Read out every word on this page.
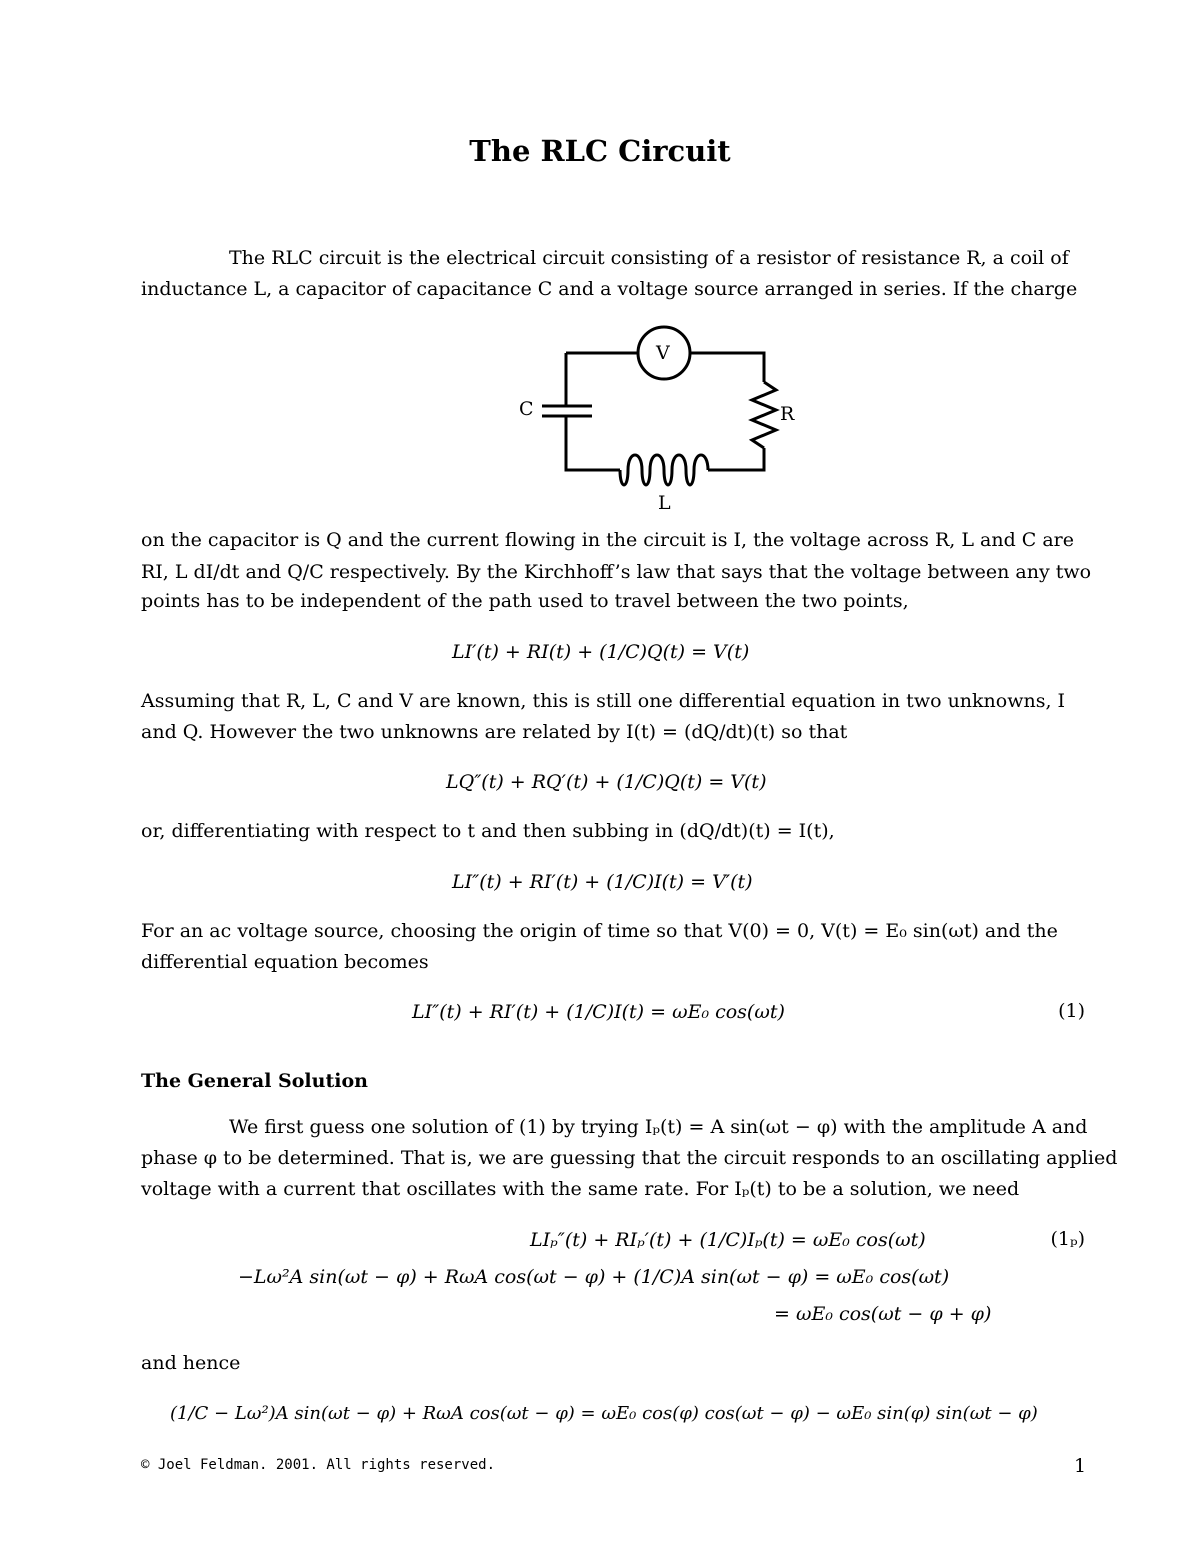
The RLC Circuit
The RLC circuit is the electrical circuit consisting of a resistor of resistance R, a coil of
inductance L, a capacitor of capacitance C and a voltage source arranged in series. If the charge
V
C	R
L
on the capacitor is Q and the current flowing in the circuit is I, the voltage across R, L and C are
RI, L dI/dt and Q/C respectively. By the Kirchhoff’s law that says that the voltage between any two
points has to be independent of the path used to travel between the two points,
LI′(t) + RI(t) + (1/C)Q(t) = V(t)
Assuming that R, L, C and V are known, this is still one differential equation in two unknowns, I
and Q. However the two unknowns are related by I(t) = (dQ/dt)(t) so that
LQ″(t) + RQ′(t) + (1/C)Q(t) = V(t)
or, differentiating with respect to t and then subbing in (dQ/dt)(t) = I(t),
LI″(t) + RI′(t) + (1/C)I(t) = V′(t)
For an ac voltage source, choosing the origin of time so that V(0) = 0, V(t) = E₀ sin(ωt) and the
differential equation becomes
LI″(t) + RI′(t) + (1/C)I(t) = ωE₀ cos(ωt)	(1)
The General Solution
We first guess one solution of (1) by trying Iₚ(t) = A sin(ωt − φ) with the amplitude A and
phase φ to be determined. That is, we are guessing that the circuit responds to an oscillating applied
voltage with a current that oscillates with the same rate. For Iₚ(t) to be a solution, we need
LIₚ″(t) + RIₚ′(t) + (1/C)Iₚ(t) = ωE₀ cos(ωt)	(1ₚ)
−Lω²A sin(ωt − φ) + RωA cos(ωt − φ) + (1/C)A sin(ωt − φ) = ωE₀ cos(ωt)
= ωE₀ cos(ωt − φ + φ)
and hence
(1/C − Lω²)A sin(ωt − φ) + RωA cos(ωt − φ) = ωE₀ cos(φ) cos(ωt − φ) − ωE₀ sin(φ) sin(ωt − φ)
© Joel Feldman. 2001. All rights reserved.	1
